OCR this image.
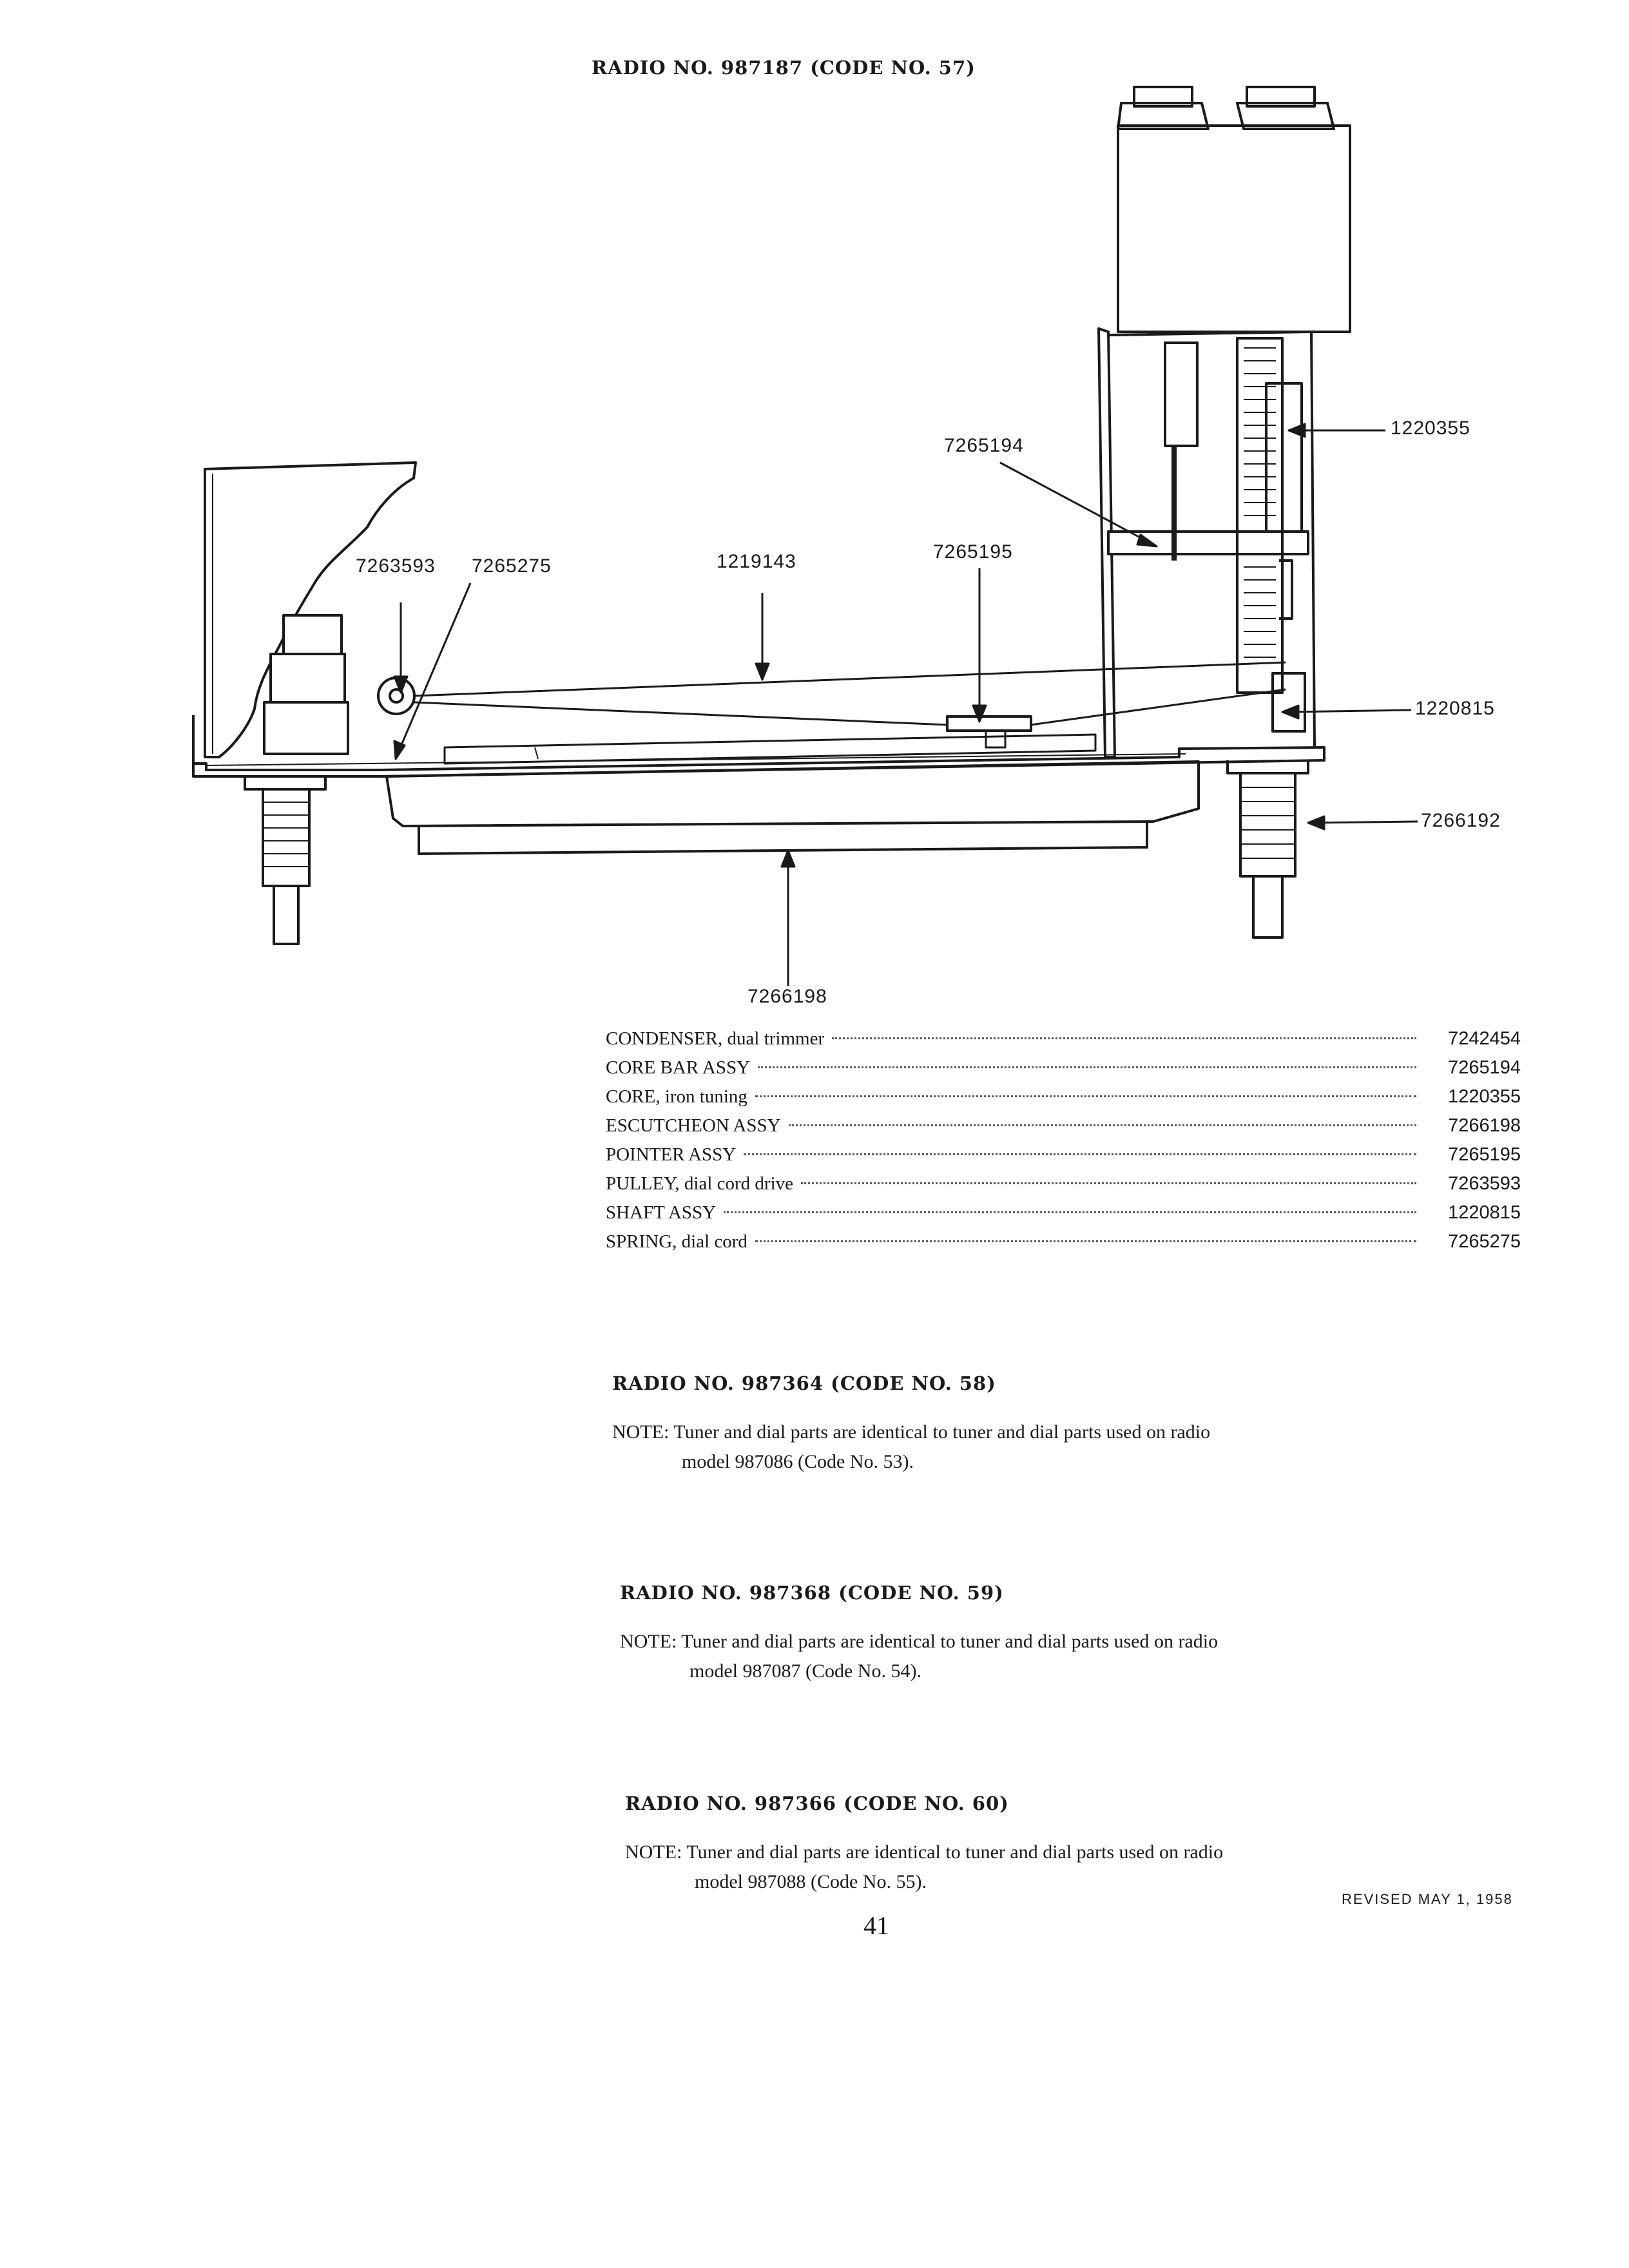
RADIO NO. 987187 (CODE NO. 57)
7265194
1220355
7263593 7265275	1219143	7265195
1220815
7266192
7266198
CONDENSER, dual trimmer	7242454
CORE BAR ASSY	7265194
CORE, iron tuning	1220355
ESCUTCHEON ASSY	7266198
POINTER ASSY	7265195
PULLEY, dial cord drive	7263593
SHAFT ASSY	1220815
SPRING, dial cord	7265275
RADIO NO. 987364 (CODE NO. 58)

NOTE: Tuner and dial parts are identical to tuner and dial parts used on radio
model 987086 (Code No. 53).

RADIO NO. 987368 (CODE NO. 59)

NOTE: Tuner and dial parts are identical to tuner and dial parts used on radio
model 987087 (Code No. 54).

RADIO NO. 987366 (CODE NO. 60)

NOTE: Tuner and dial parts are identical to tuner and dial parts used on radio
model 987088 (Code No. 55).

REVISED MAY 1, 1958
41
